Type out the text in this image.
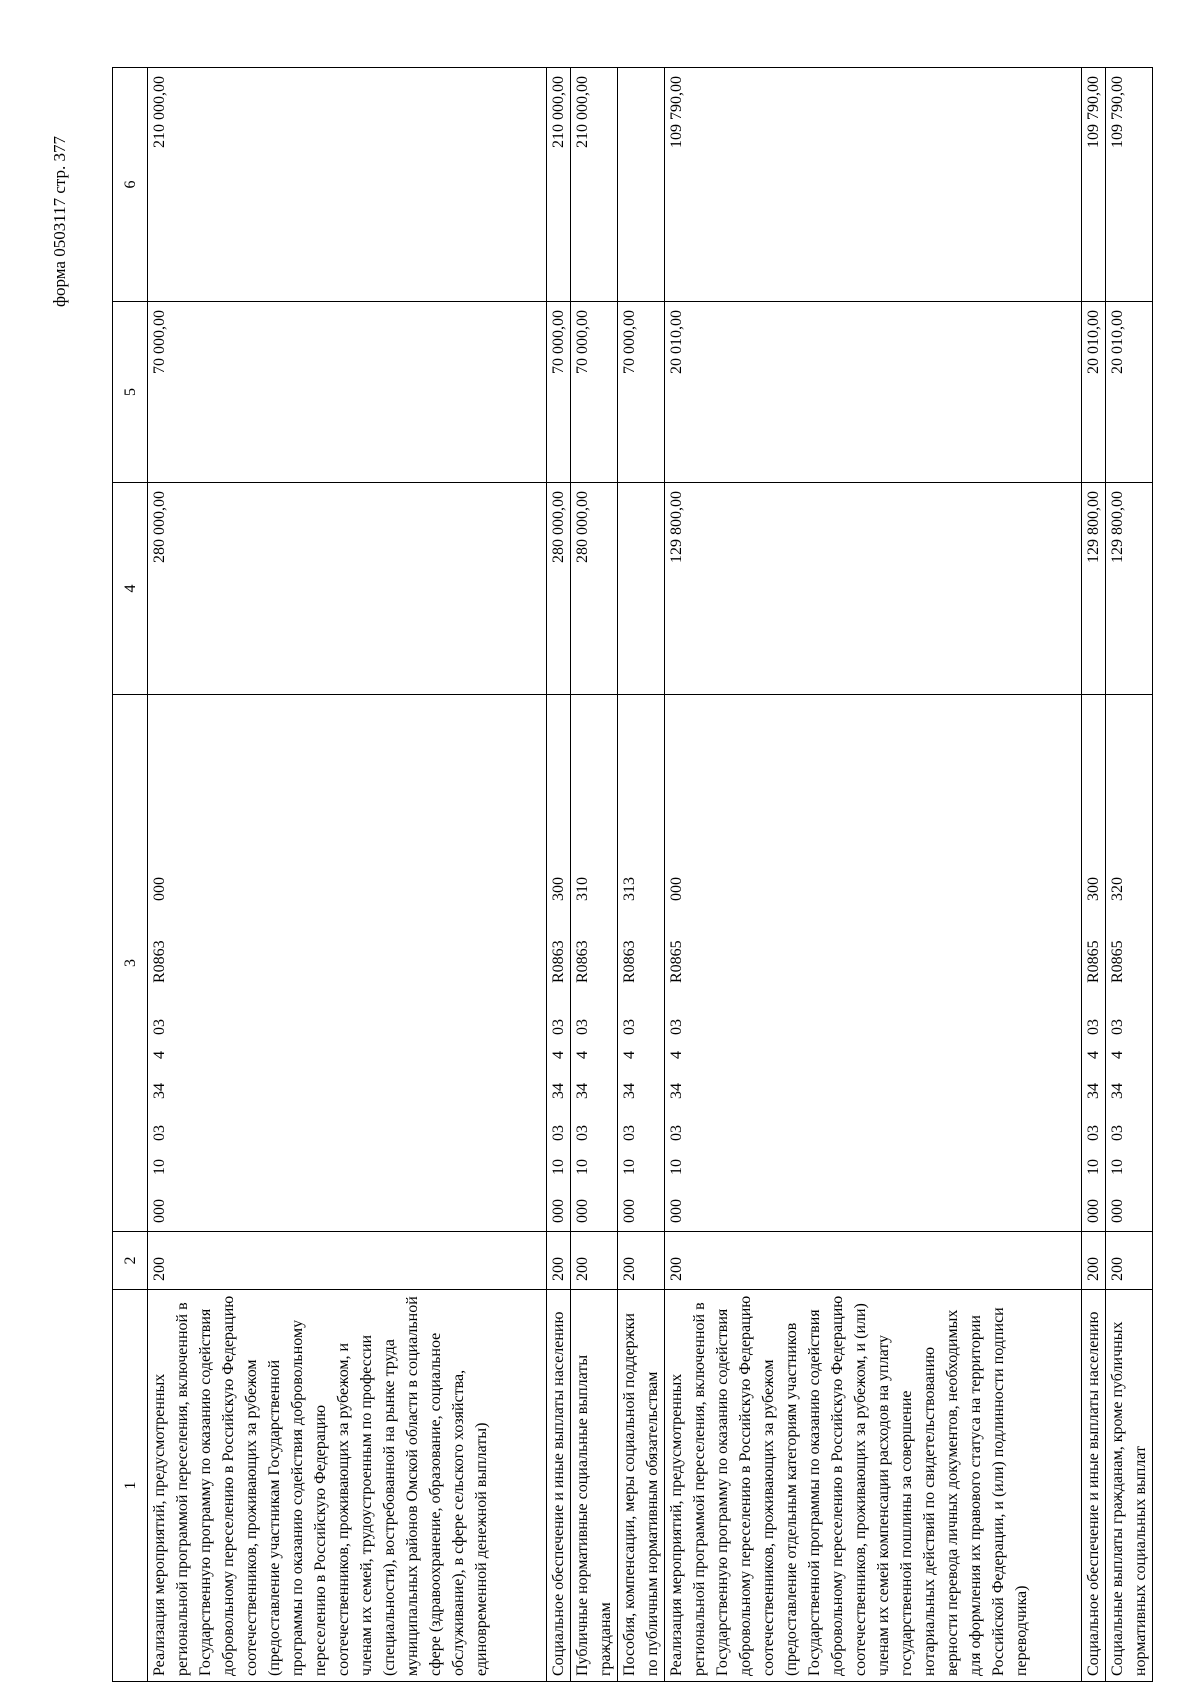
форма 0503117 стр. 377
1	2	3	4	5	6
Реализация мероприятий, предусмотренных региональной программой переселения, включенной в Государственную программу по оказанию содействия добровольному переселению в Российскую Федерацию соотечественников, проживающих за рубежом (предоставление участникам Государственной программы по оказанию содействия добровольному переселению в Российскую Федерацию соотечественников, проживающих за рубежом, и членам их семей, трудоустроенным по профессии (специальности), востребованной на рынке труда муниципальных районов Омской области в социальной сфере (здравоохранение, образование, социальное обслуживание), в сфере сельского хозяйства, единовременной денежной выплаты)	200	000100334403R0863000	280 000,00	70 000,00	210 000,00
Социальное обеспечение и иные выплаты населению	200	000100334403R0863300	280 000,00	70 000,00	210 000,00
Публичные нормативные социальные выплаты гражданам	200	000100334403R0863310	280 000,00	70 000,00	210 000,00
Пособия, компенсации, меры социальной поддержки по публичным нормативным обязательствам	200	000100334403R0863313		70 000,00	
Реализация мероприятий, предусмотренных региональной программой переселения, включенной в Государственную программу по оказанию содействия добровольному переселению в Российскую Федерацию соотечественников, проживающих за рубежом (предоставление отдельным категориям участников Государственной программы по оказанию содействия добровольному переселению в Российскую Федерацию соотечественников, проживающих за рубежом, и (или) членам их семей компенсации расходов на уплату государственной пошлины за совершение нотариальных действий по свидетельствованию верности перевода личных документов, необходимых для оформления их правового статуса на территории Российской Федерации, и (или) подлинности подписи переводчика)	200	000100334403R0865000	129 800,00	20 010,00	109 790,00
Социальное обеспечение и иные выплаты населению	200	000100334403R0865300	129 800,00	20 010,00	109 790,00
Социальные выплаты гражданам, кроме публичных нормативных социальных выплат	200	000100334403R0865320	129 800,00	20 010,00	109 790,00
